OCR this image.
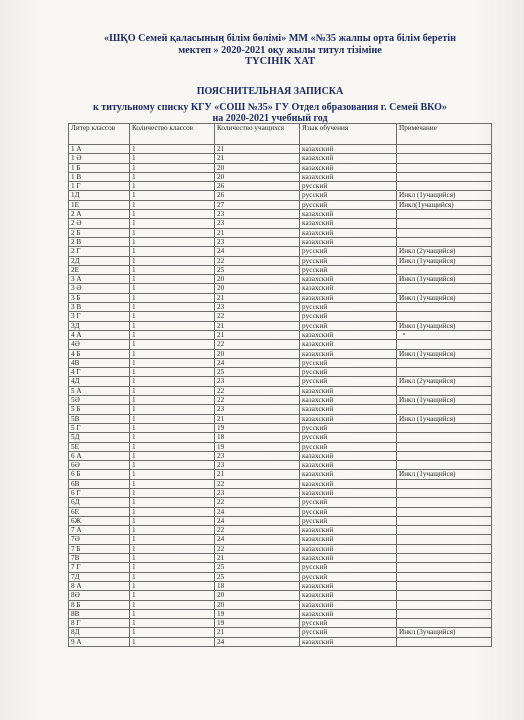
«ШҚО Семей қаласының білім бөлімі» ММ «№35 жалпы орта білім беретін
мектеп » 2020-2021 оқу жылы титул тізіміне
ТҮСІНІК ХАТ
ПОЯСНИТЕЛЬНАЯ ЗАПИСКА
к титульному списку КГУ «СОШ №35» ГУ Отдел образования г. Семей ВКО»
на 2020-2021 учебный год
Литер классов	Количество классов	Количество учащихся	Язык обучения	Примечание
1 А	1	21	казахский	
1 Ә	1	21	казахский	
1 Б	1	20	казахский	
1 В	1	20	казахский	
1 Г	1	26	русский	
1Д	1	26	русский	Инкл (1учащийся)
1Е	1	27	русский	Инкл(1учащийся)
2 А	1	23	казахский	
2 Ә	1	23	казахский	
2 Б	1	21	казахский	
2 В	1	23	казахский	
2 Г	1	24	русский	Инкл (2учащийся)
2Д	1	22	русский	Инкл (1учащийся)
2Е	1	25	русский	
3 А	1	20	казахский	Инкл (1учащийся)
3 Ә	1	20	казахский	
3 Б	1	21	казахский	Инкл (1учащийся)
3 В	1	23	русский	
3 Г	1	22	русский	
3Д	1	21	русский	Инкл (1учащийся)
4 А	1	21	казахский	
4Ә	1	22	казахский	
4 Б	1	20	казахский	Инкл (1учащийся)
4В	1	24	русский	
4 Г	1	25	русский	
4Д	1	23	русский	Инкл (2учащийся)
5 А	1	22	казахский	
5Ә	1	22	казахский	Инкл (1учащийся)
5 Б	1	23	казахский	
5В	1	21	казахский	Инкл (1учащийся)
5 Г	1	19	русский	
5Д	1	18	русский	
5Е	1	19	русский	
6 А	1	23	казахский	
6Ә	1	23	казахский	
6 Б	1	21	казахский	Инкл (1учащийся)
6В	1	22	казахский	
6 Г	1	23	казахский	
6Д	1	22	русский	
6Е	1	24	русский	
6Ж	1	24	русский	
7 А	1	22	казахский	
7Ә	1	24	казахский	
7 Б	1	22	казахский	
7В	1	21	казахский	
7 Г	1	25	русский	
7Д	1	25	русский	
8 А	1	18	казахский	
8Ә	1	20	казахский	
8 Б	1	20	казахский	
8В	1	19	казахский	
8 Г	1	19	русский	
8Д	1	21	русский	Инкл (3учащийся)
9 А	1	24	казахский	
